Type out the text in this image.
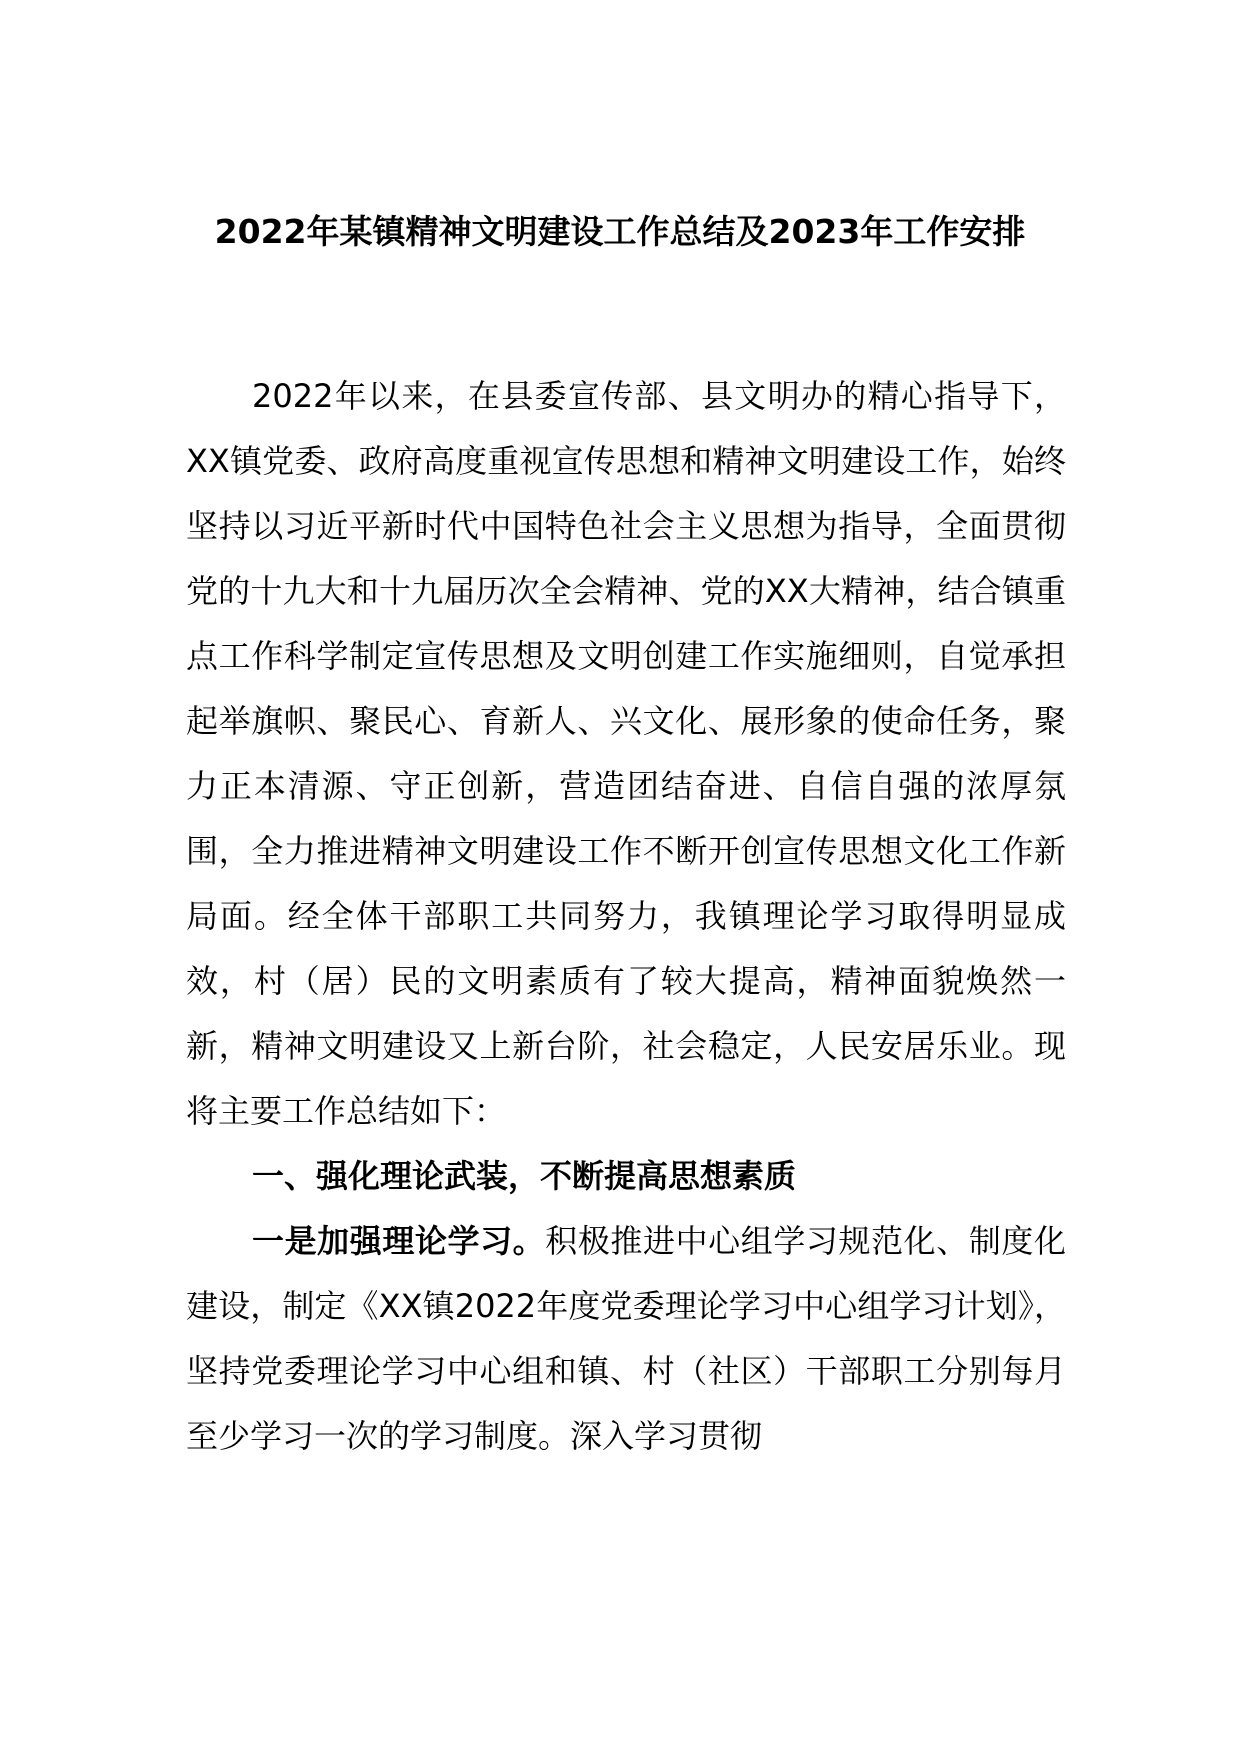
2022年某镇精神文明建设工作总结及2023年工作安排

2022年以来，在县委宣传部、县文明办的精心指导下，XX镇党委、政府高度重视宣传思想和精神文明建设工作，始终坚持以习近平新时代中国特色社会主义思想为指导，全面贯彻党的十九大和十九届历次全会精神、党的XX大精神，结合镇重点工作科学制定宣传思想及文明创建工作实施细则，自觉承担起举旗帜、聚民心、育新人、兴文化、展形象的使命任务，聚力正本清源、守正创新，营造团结奋进、自信自强的浓厚氛围，全力推进精神文明建设工作不断开创宣传思想文化工作新局面。经全体干部职工共同努力，我镇理论学习取得明显成效，村（居）民的文明素质有了较大提高，精神面貌焕然一新，精神文明建设又上新台阶，社会稳定，人民安居乐业。现将主要工作总结如下：

一、强化理论武装，不断提高思想素质

一是加强理论学习。积极推进中心组学习规范化、制度化建设，制定《XX镇2022年度党委理论学习中心组学习计划》，坚持党委理论学习中心组和镇、村（社区）干部职工分别每月至少学习一次的学习制度。深入学习贯彻
